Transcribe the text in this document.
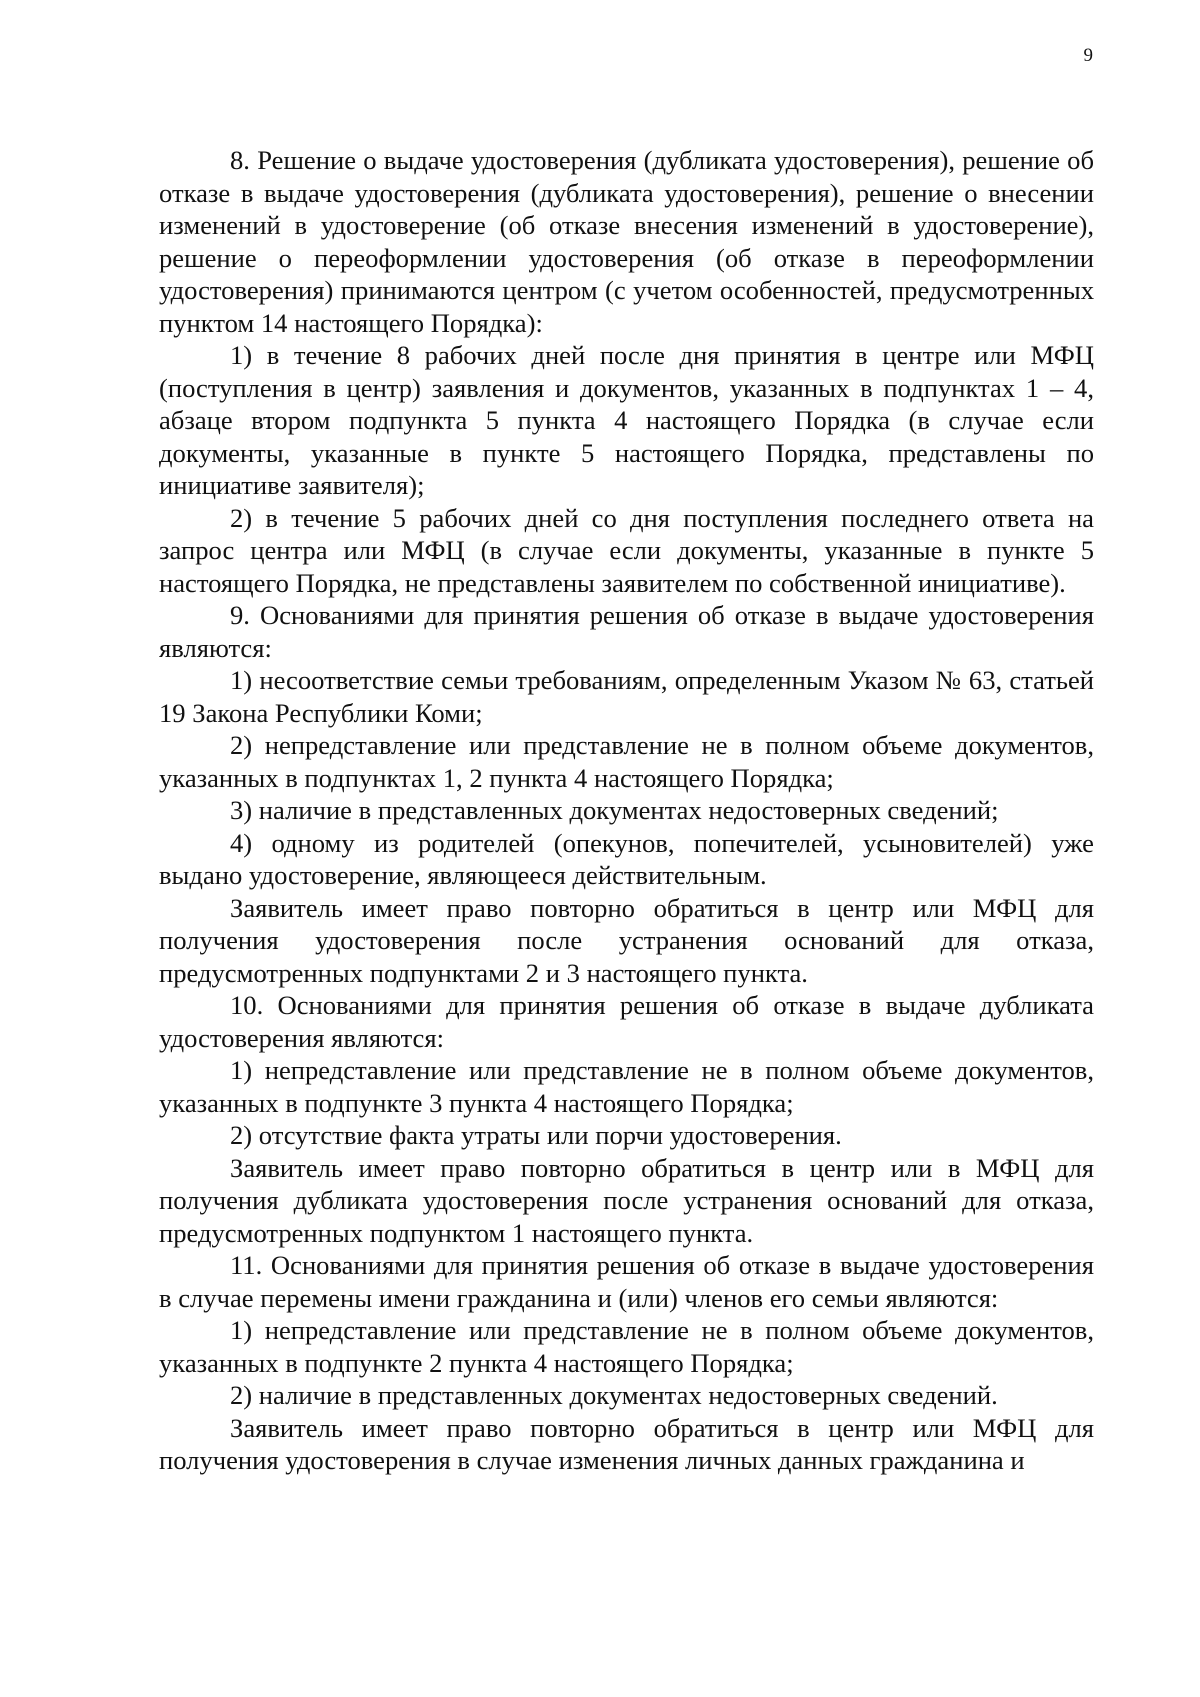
9

8. Решение о выдаче удостоверения (дубликата удостоверения), решение об отказе в выдаче удостоверения (дубликата удостоверения), решение о внесении изменений в удостоверение (об отказе внесения изменений в удостоверение), решение о переоформлении удостоверения (об отказе в переоформлении удостоверения) принимаются центром (с учетом особенностей, предусмотренных пунктом 14 настоящего Порядка):

1) в течение 8 рабочих дней после дня принятия в центре или МФЦ (поступления в центр) заявления и документов, указанных в подпунктах 1 – 4, абзаце втором подпункта 5 пункта 4 настоящего Порядка (в случае если документы, указанные в пункте 5 настоящего Порядка, представлены по инициативе заявителя);

2) в течение 5 рабочих дней со дня поступления последнего ответа на запрос центра или МФЦ (в случае если документы, указанные в пункте 5 настоящего Порядка, не представлены заявителем по собственной инициативе).

9. Основаниями для принятия решения об отказе в выдаче удостоверения являются:

1) несоответствие семьи требованиям, определенным Указом № 63, статьей 19 Закона Республики Коми;

2) непредставление или представление не в полном объеме документов, указанных в подпунктах 1, 2 пункта 4 настоящего Порядка;

3) наличие в представленных документах недостоверных сведений;

4) одному из родителей (опекунов, попечителей, усыновителей) уже выдано удостоверение, являющееся действительным.

Заявитель имеет право повторно обратиться в центр или МФЦ для получения удостоверения после устранения оснований для отказа, предусмотренных подпунктами 2 и 3 настоящего пункта.

10. Основаниями для принятия решения об отказе в выдаче дубликата удостоверения являются:

1) непредставление или представление не в полном объеме документов, указанных в подпункте 3 пункта 4 настоящего Порядка;

2) отсутствие факта утраты или порчи удостоверения.

Заявитель имеет право повторно обратиться в центр или в МФЦ для получения дубликата удостоверения после устранения оснований для отказа, предусмотренных подпунктом 1 настоящего пункта.

11. Основаниями для принятия решения об отказе в выдаче удостоверения в случае перемены имени гражданина и (или) членов его семьи являются:

1) непредставление или представление не в полном объеме документов, указанных в подпункте 2 пункта 4 настоящего Порядка;

2) наличие в представленных документах недостоверных сведений.

Заявитель имеет право повторно обратиться в центр или МФЦ для получения удостоверения в случае изменения личных данных гражданина и
